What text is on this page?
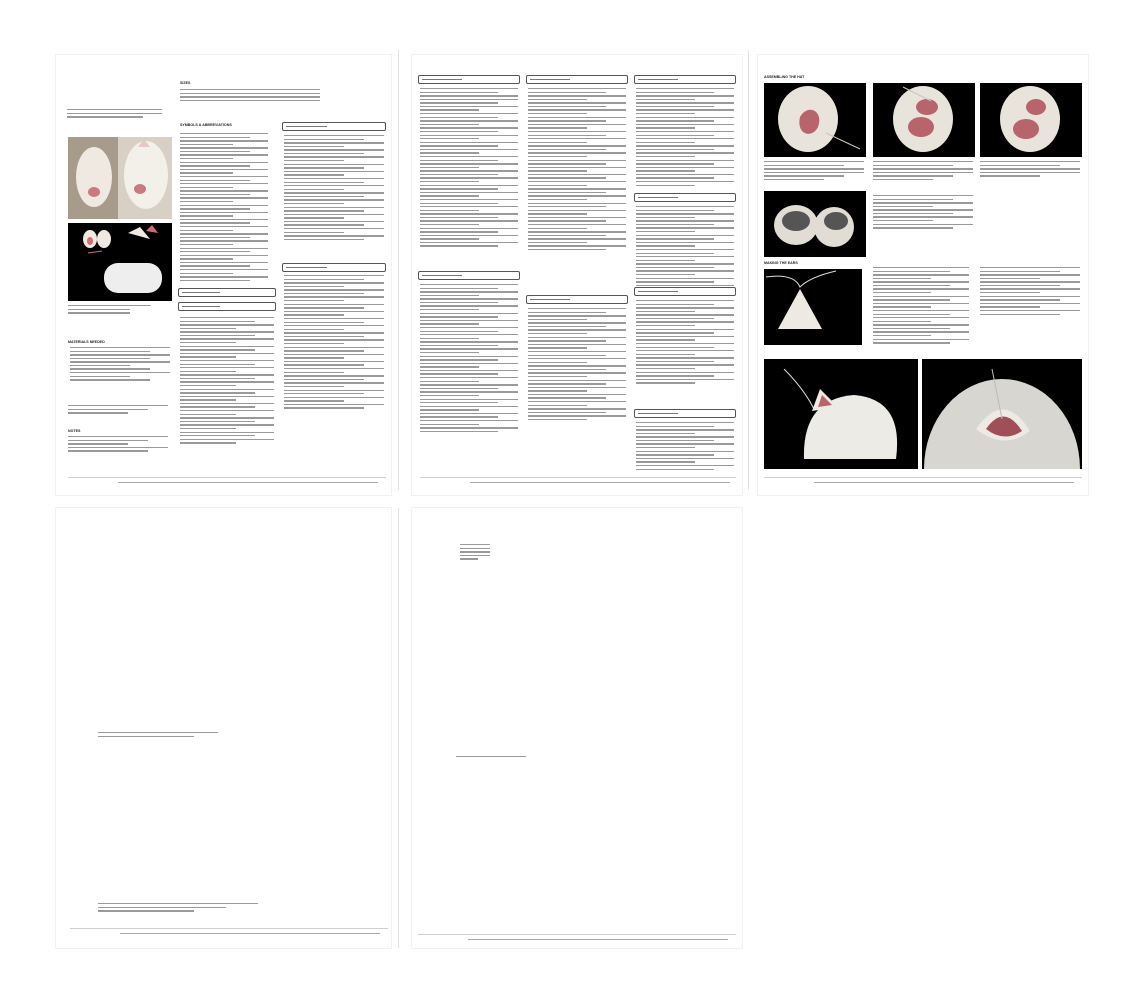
MATERIALS NEEDED
NOTES
SIZES
SYMBOLS & ABBREVIATIONS
ASSEMBLING THE HAT
MAKING THE EARS
